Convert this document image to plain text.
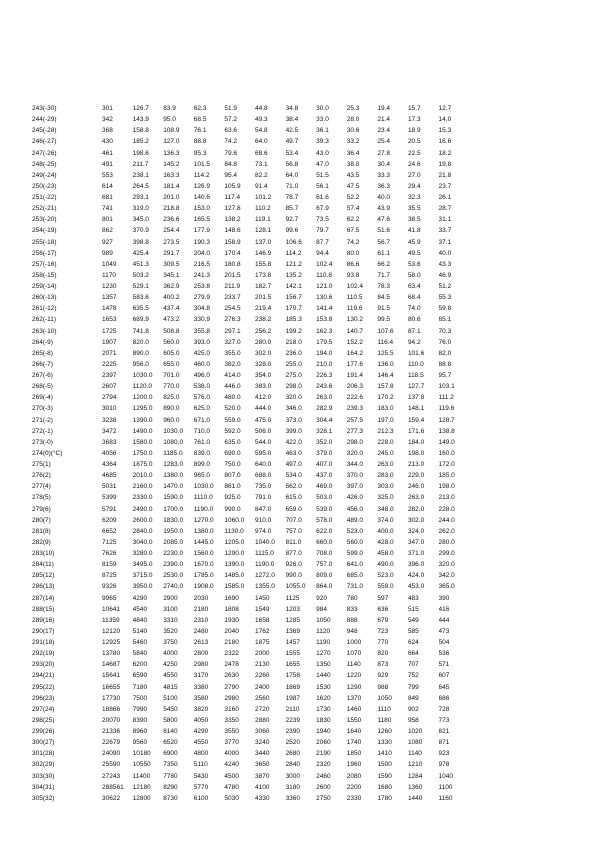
243(-30)	301	126.7	83.9	62.3	51.9	44.8	34.8	30.0	25.3	19.4	15.7	12.7
244(-29)	342	143.9	95.0	68.5	57.2	49.3	38.4	33.0	28.0	21.4	17.3	14.0
245(-28)	368	158.8	108.9	76.1	63.6	54.8	42.5	36.1	30.6	23.4	18.9	15.3
246(-27)	430	185.2	127.0	88.8	74.2	64.0	49.7	39.3	33.2	25.4	20.5	16.6
247(-26)	461	198.6	136.3	95.3	79.6	68.6	53.4	43.0	36.4	27.8	22.5	18.2
248(-25)	491	211.7	145.2	101.5	84.8	73.1	56.8	47.0	38.0	30.4	24.6	19.8
249(-24)	553	238.1	163.3	114.2	95.4	82.2	64.0	51.5	43.5	33.3	27.0	21.8
250(-23)	614	264.5	181.4	126.9	105.9	91.4	71.0	56.1	47.5	36.3	29.4	23.7
251(-22)	681	293.1	201.0	140.6	117.4	101.2	78.7	61.6	52.2	40.0	32.3	26.1
252(-21)	741	319.0	218.8	153.0	127.8	110.2	85.7	67.9	57.4	43.9	35.5	28.7
253(-20)	801	345.0	236.6	165.5	138.2	119.1	92.7	73.5	62.2	47.6	38.5	31.1
254(-19)	862	370.9	254.4	177.9	148.6	128.1	99.6	79.7	67.5	51.6	41.8	33.7
255(-18)	927	398.8	273.5	190.3	158.9	137.0	106.6	87.7	74.2	56.7	45.9	37.1
256(-17)	989	425.4	291.7	204.0	170.4	146.9	114.2	94.4	80.0	61.1	49.5	40.0
257(-16)	1049	451.3	309.5	216.5	180.8	155.8	121.2	102.4	86.6	66.2	53.6	43.3
258(-15)	1170	503.2	345.1	241.3	201.5	173.8	135.2	110.8	93.8	71.7	58.0	46.9
259(-14)	1230	529.1	362.9	253.8	211.9	182.7	142.1	121.0	102.4	78.3	63.4	51.2
260(-13)	1357	583.6	400.2	279.9	233.7	201.5	156.7	130.6	110.5	84.5	68.4	55.3
261(-12)	1478	635.5	437.4	304.8	254.5	219.4	170.7	141.4	119.6	91.5	74.0	59.8
262(-11)	1653	689.9	473.2	330.9	276.3	238.2	185.3	153.8	130.2	99.5	80.6	65.1
263(-10)	1725	741.8	508.8	355.8	297.1	256.2	199.2	162.3	140.7	107.6	87.1	70.3
264(-9)	1907	820.0	560.0	393.0	327.0	280.0	218.0	179.5	152.2	116.4	94.2	76.0
265(-8)	2071	890.0	605.0	425.0	355.0	302.0	236.0	194.0	164.2	125.5	101.6	82.0
266(-7)	2225	956.0	655.0	460.0	382.0	328.0	255.0	210.0	177.6	136.0	110.0	88.8
267(-6)	2397	1030.0	701.0	496.0	414.0	354.0	275.0	226.3	191.4	146.4	118.5	95.7
268(-5)	2607	1120.0	770.0	538.0	446.0	383.0	298.0	243.6	206.3	157.8	127.7	103.1
269(-4)	2794	1200.0	825.0	576.0	480.0	412.0	320.0	263.0	222.6	170.2	137.8	111.2
270(-3)	3010	1295.0	890.0	625.0	520.0	444.0	346.0	282.9	239.3	183.0	148.1	119.6
271(-2)	3238	1390.0	960.0	671.0	559.0	475.0	373.0	304.4	257.5	197.0	159.4	128.7
272(-1)	3472	1490.0	1030.0	710.0	592.0	506.0	399.0	328.1	277.3	212.3	171.6	138.8
273(-0)	3683	1580.0	1080.0	761.0	635.0	544.0	422.0	352.0	298.0	228.0	184.0	149.0
274(0)(°C)	4056	1750.0	1185.0	839.0	690.0	595.0	463.0	379.0	320.0	245.0	198.0	160.0
275(1)	4364	1875.0	1283.0	899.0	750.0	640.0	497.0	407.0	344.0	263.0	213.0	172.0
276(2)	4685	2010.0	1380.0	965.0	807.0	688.0	534.0	437.0	370.0	283.0	229.0	185.0
277(4)	5031	2160.0	1470.0	1030.0	861.0	735.0	562.0	469.0	397.0	303.0	246.0	198.0
278(5)	5399	2330.0	1590.0	1110.0	925.0	791.0	615.0	503.0	426.0	325.0	263.0	213.0
279(6)	5791	2490.0	1700.0	1190.0	990.0	847.0	659.0	539.0	456.0	348.0	282.0	228.0
280(7)	6209	2600.0	1830.0	1270.0	1060.0	910.0	707.0	578.0	489.0	374.0	302.0	244.0
281(8)	6652	2840.0	1950.0	1380.0	1130.0	974.0	757.0	622.0	523.0	400.0	324.0	262.0
282(9)	7125	3040.0	2085.0	1445.0	1205.0	1040.0	811.0	660.0	560.0	428.0	347.0	280.0
283(10)	7626	3280.0	2230.0	1560.0	1290.0	1115.0	877.0	708.0	599.0	458.0	371.0	299.0
284(11)	8159	3495.0	2390.0	1670.0	1390.0	1190.0	926.0	757.0	641.0	490.0	396.0	320.0
285(12)	8725	3715.0	2530.0	1785.0	1485.0	1272.0	990.0	809.0	685.0	523.0	424.0	342.0
286(13)	9326	3950.0	2740.0	1908.0	1585.0	1355.0	1055.0	864.0	731.0	559.0	453.0	365.0
287(14)	9965	4290	2900	2030	1690	1450	1125	920	780	597	483	390
288(15)	10641	4540	3100	2180	1808	1549	1203	984	833	636	515	416
289(16)	11359	4840	3310	2310	1930	1658	1285	1050	888	679	549	444
290(17)	12120	5140	3520	2480	2040	1762	1369	1120	948	723	585	473
291(18)	12925	5460	3750	2613	2180	1875	1457	1190	1000	770	624	504
292(19)	13780	5840	4000	2800	2322	2000	1555	1270	1070	820	664	536
293(20)	14687	6200	4250	2980	2478	2130	1655	1350	1140	873	707	571
294(21)	15641	6590	4550	3170	2630	2260	1758	1440	1220	929	752	607
295(22)	16655	7180	4815	3380	2790	2400	1869	1530	1290	988	799	645
296(23)	17730	7500	5100	3580	2980	2560	1987	1620	1370	1050	849	686
297(24)	18866	7990	5450	3820	3160	2720	2110	1730	1460	1110	902	728
298(25)	20070	8390	5800	4050	3350	2880	2239	1830	1550	1180	958	773
299(26)	21336	8960	6140	4290	3550	3060	2390	1940	1640	1260	1020	821
300(27)	22679	9560	6520	4550	3770	3240	2520	2060	1740	1330	1080	871
301(28)	24090	10180	6900	4800	4000	3440	2680	2190	1850	1410	1140	923
302(29)	25590	10550	7350	5110	4240	3650	2840	2320	1960	1500	1210	978
303(30)	27243	11400	7780	5430	4500	3870	3000	2460	2080	1590	1284	1040
304(31)	288561	12180	8290	5770	4780	4100	3180	2600	2200	1680	1360	1100
305(32)	30622	12800	8730	6100	5030	4330	3360	2750	2330	1780	1440	1160
